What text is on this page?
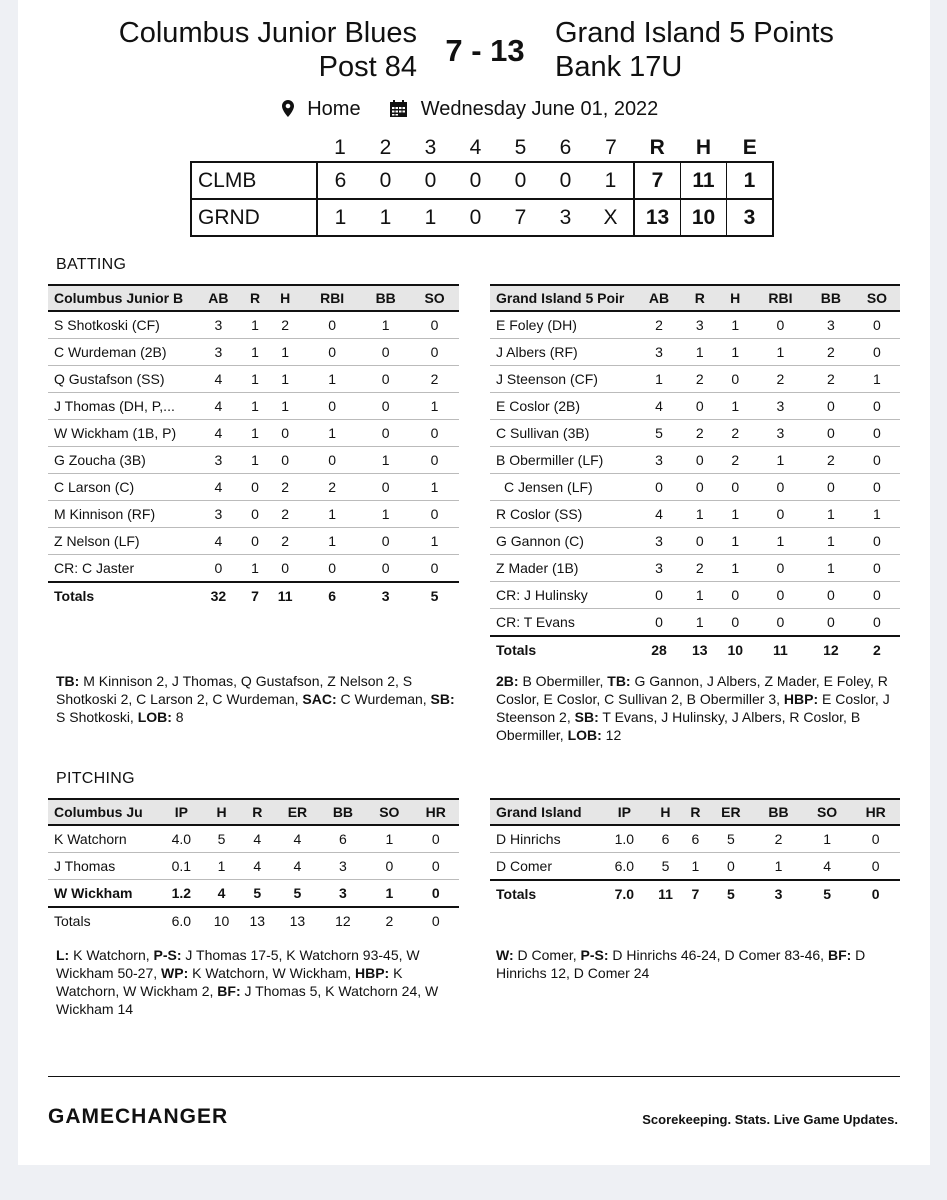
Columbus Junior Blues
Post 84 7 - 13	Grand Island 5 Points
Bank 17U
Home	Wednesday June 01, 2022
	1	2	3	4	5	6	7	R	H	E
CLMB	6	0	0	0	0	0	1	7	11	1
GRND	1	1	1	0	7	3	X	13	10	3
BATTING
Columbus Junior B	AB	R	H	RBI	BB	SO
S Shotkoski (CF)	3	1	2	0	1	0
C Wurdeman (2B)	3	1	1	0	0	0
Q Gustafson (SS)	4	1	1	1	0	2
J Thomas (DH, P,...	4	1	1	0	0	1
W Wickham (1B, P)	4	1	0	1	0	0
G Zoucha (3B)	3	1	0	0	1	0
C Larson (C)	4	0	2	2	0	1
M Kinnison (RF)	3	0	2	1	1	0
Z Nelson (LF)	4	0	2	1	0	1
CR: C Jaster	0	1	0	0	0	0
Totals	32	7	11	6	3	5
Grand Island 5 Poir	AB	R	H	RBI	BB	SO
E Foley (DH)	2	3	1	0	3	0
J Albers (RF)	3	1	1	1	2	0
J Steenson (CF)	1	2	0	2	2	1
E Coslor (2B)	4	0	1	3	0	0
C Sullivan (3B)	5	2	2	3	0	0
B Obermiller (LF)	3	0	2	1	2	0
C Jensen (LF)	0	0	0	0	0	0
R Coslor (SS)	4	1	1	0	1	1
G Gannon (C)	3	0	1	1	1	0
Z Mader (1B)	3	2	1	0	1	0
CR: J Hulinsky	0	1	0	0	0	0
CR: T Evans	0	1	0	0	0	0
Totals	28	13	10	11	12	2
TB: M Kinnison 2, J Thomas, Q Gustafson, Z Nelson 2, S Shotkoski 2, C Larson 2, C Wurdeman, SAC: C Wurdeman, SB: S Shotkoski, LOB: 8
2B: B Obermiller, TB: G Gannon, J Albers, Z Mader, E Foley, R Coslor, E Coslor, C Sullivan 2, B Obermiller 3, HBP: E Coslor, J Steenson 2, SB: T Evans, J Hulinsky, J Albers, R Coslor, B Obermiller, LOB: 12
PITCHING
Columbus Ju	IP	H	R	ER	BB	SO	HR
K Watchorn	4.0	5	4	4	6	1	0
J Thomas	0.1	1	4	4	3	0	0
W Wickham	1.2	4	5	5	3	1	0
Totals	6.0	10	13	13	12	2	0
Grand Island	IP	H	R	ER	BB	SO	HR
D Hinrichs	1.0	6	6	5	2	1	0
D Comer	6.0	5	1	0	1	4	0
Totals	7.0	11	7	5	3	5	0
L: K Watchorn, P-S: J Thomas 17-5, K Watchorn 93-45, W Wickham 50-27, WP: K Watchorn, W Wickham, HBP: K Watchorn, W Wickham 2, BF: J Thomas 5, K Watchorn 24, W Wickham 14
W: D Comer, P-S: D Hinrichs 46-24, D Comer 83-46, BF: D Hinrichs 12, D Comer 24
GAMECHANGER	Scorekeeping. Stats. Live Game Updates.
